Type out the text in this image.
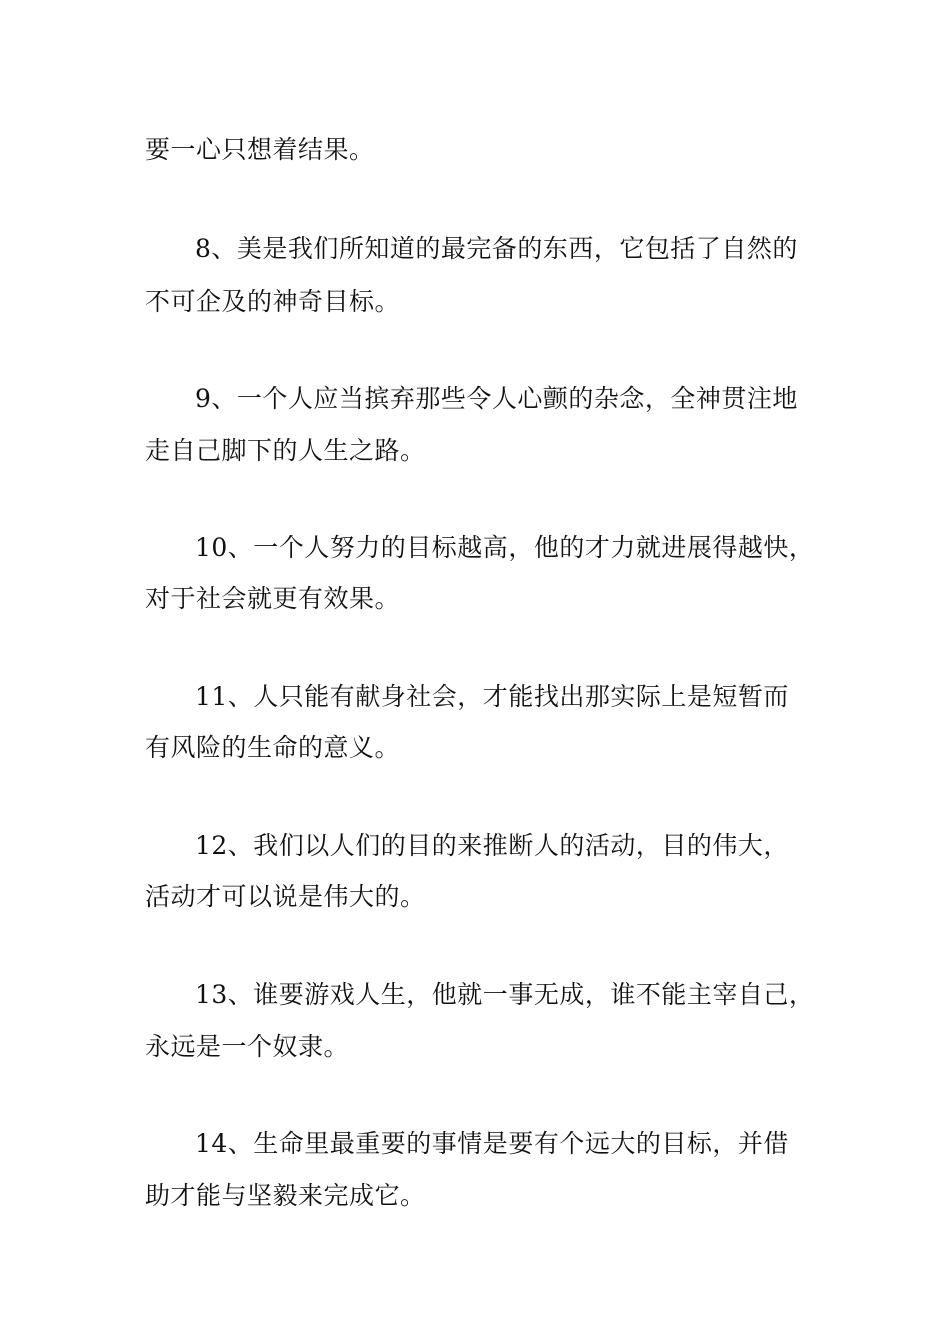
要一心只想着结果。
8、美是我们所知道的最完备的东西，它包括了自然的
不可企及的神奇目标。
9、一个人应当摈弃那些令人心颤的杂念，全神贯注地
走自己脚下的人生之路。
10、一个人努力的目标越高，他的才力就进展得越快，
对于社会就更有效果。
11、人只能有献身社会，才能找出那实际上是短暂而
有风险的生命的意义。
12、我们以人们的目的来推断人的活动，目的伟大，
活动才可以说是伟大的。
13、谁要游戏人生，他就一事无成，谁不能主宰自己，
永远是一个奴隶。
14、生命里最重要的事情是要有个远大的目标，并借
助才能与坚毅来完成它。
